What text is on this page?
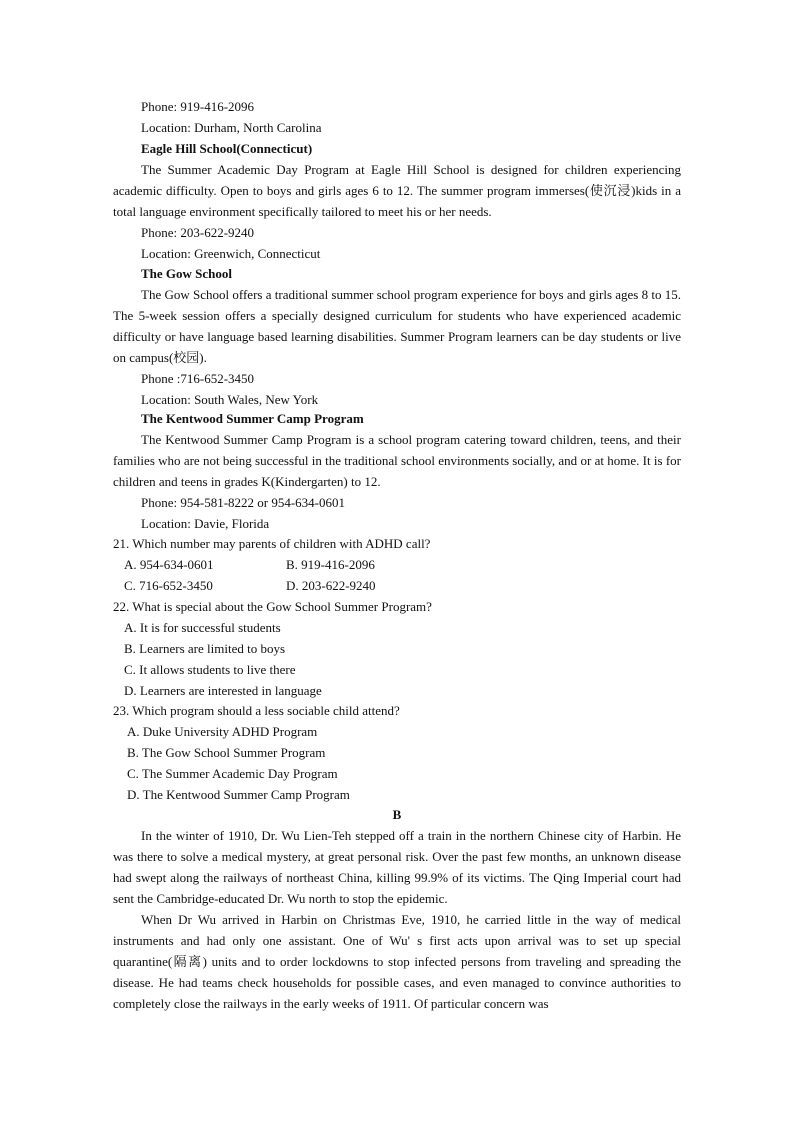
Phone: 919-416-2096

Location: Durham, North Carolina

Eagle Hill School(Connecticut)

The Summer Academic Day Program at Eagle Hill School is designed for children experiencing academic difficulty. Open to boys and girls ages 6 to 12. The summer program immerses(使沉浸)kids in a total language environment specifically tailored to meet his or her needs.

Phone: 203-622-9240

Location: Greenwich, Connecticut

The Gow School

The Gow School offers a traditional summer school program experience for boys and girls ages 8 to 15. The 5-week session offers a specially designed curriculum for students who have experienced academic difficulty or have language based learning disabilities. Summer Program learners can be day students or live on campus(校园).

Phone :716-652-3450

Location: South Wales, New York

The Kentwood Summer Camp Program

The Kentwood Summer Camp Program is a school program catering toward children, teens, and their families who are not being successful in the traditional school environments socially, and or at home. It is for children and teens in grades K(Kindergarten) to 12.

Phone: 954-581-8222 or 954-634-0601

Location: Davie, Florida

21. Which number may parents of children with ADHD call?

A. 954-634-0601	B. 919-416-2096
C. 716-652-3450	D. 203-622-9240

22. What is special about the Gow School Summer Program?

A. It is for successful students

B. Learners are limited to boys

C. It allows students to live there

D. Learners are interested in language

23. Which program should a less sociable child attend?

A. Duke University ADHD Program

B. The Gow School Summer Program

C. The Summer Academic Day Program

D. The Kentwood Summer Camp Program

B

In the winter of 1910, Dr. Wu Lien-Teh stepped off a train in the northern Chinese city of Harbin. He was there to solve a medical mystery, at great personal risk. Over the past few months, an unknown disease had swept along the railways of northeast China, killing 99.9% of its victims. The Qing Imperial court had sent the Cambridge-educated Dr. Wu north to stop the epidemic.

When Dr Wu arrived in Harbin on Christmas Eve, 1910, he carried little in the way of medical instruments and had only one assistant. One of Wu' s first acts upon arrival was to set up special quarantine(隔离) units and to order lockdowns to stop infected persons from traveling and spreading the disease. He had teams check households for possible cases, and even managed to convince authorities to completely close the railways in the early weeks of 1911. Of particular concern was
